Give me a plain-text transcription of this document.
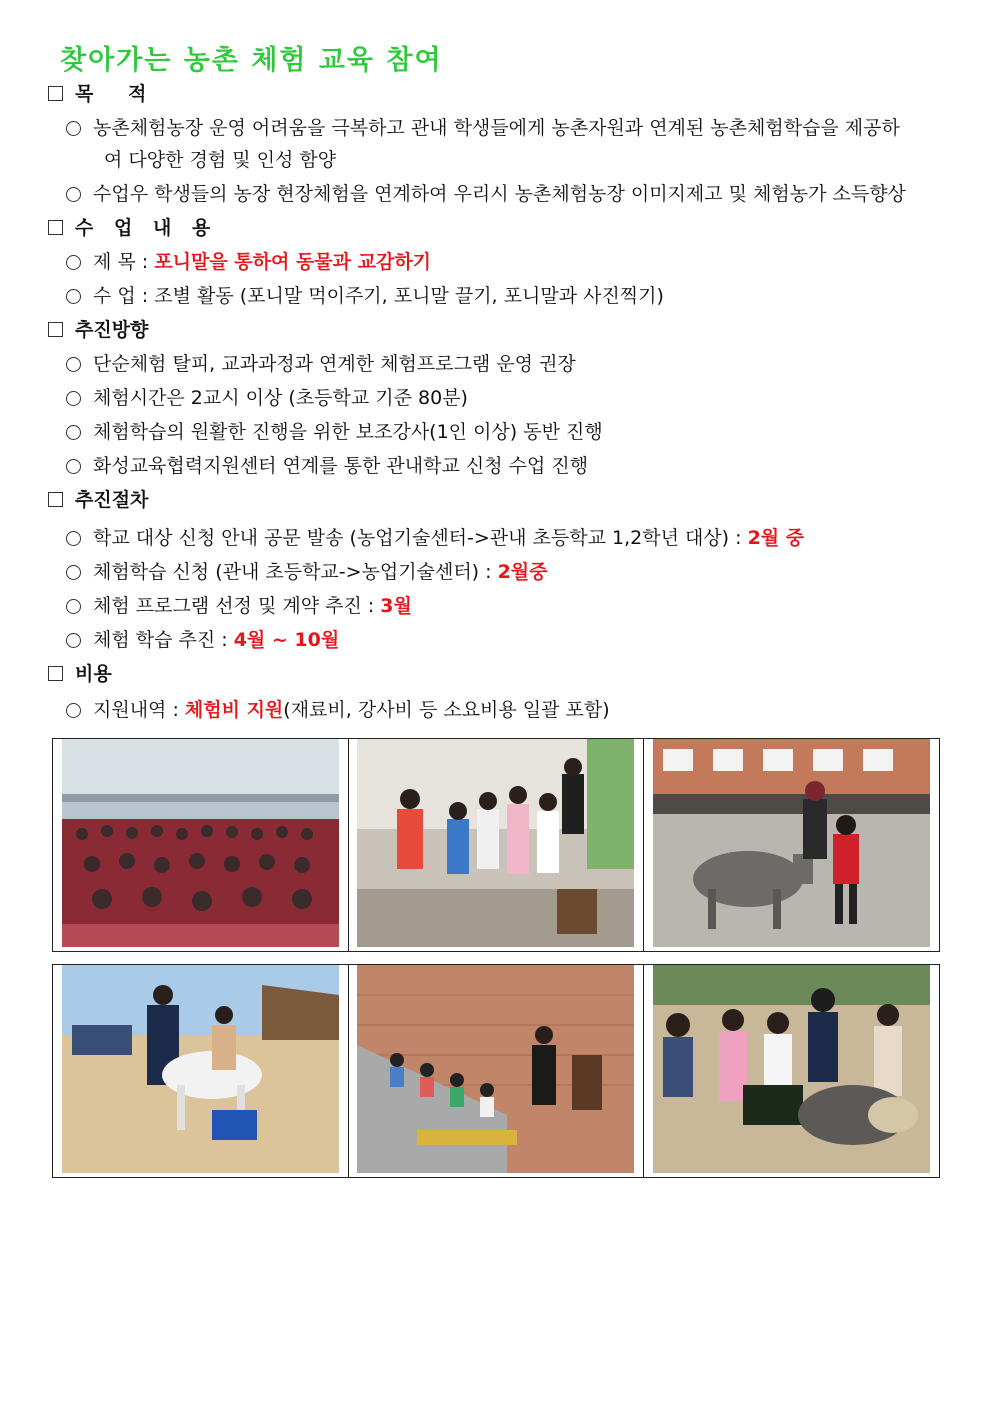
찾아가는 농촌 체험 교육 참여
목 적
농촌체험농장 운영 어려움을 극복하고 관내 학생들에게 농촌자원과 연계된 농촌체험학습을 제공하
여 다양한 경험 및 인성 함양
수업우 학생들의 농장 현장체험을 연계하여 우리시 농촌체험농장 이미지제고 및 체험농가 소득향상
수 업 내 용
제 목 : 포니말을 통하여 동물과 교감하기
수 업 : 조별 활동 (포니말 먹이주기, 포니말 끌기, 포니말과 사진찍기)
추진방향
단순체험 탈피, 교과과정과 연계한 체험프로그램 운영 권장
체험시간은 2교시 이상 (초등학교 기준 80분)
체험학습의 원활한 진행을 위한 보조강사(1인 이상) 동반 진행
화성교육협력지원센터 연계를 통한 관내학교 신청 수업 진행
추진절차
학교 대상 신청 안내 공문 발송 (농업기술센터->관내 초등학교 1,2학년 대상) : 2월 중
체험학습 신청 (관내 초등학교->농업기술센터) : 2월중
체험 프로그램 선정 및 계약 추진 : 3월
체험 학습 추진 : 4월 ~ 10월
비용
지원내역 : 체험비 지원(재료비, 강사비 등 소요비용 일괄 포함)
